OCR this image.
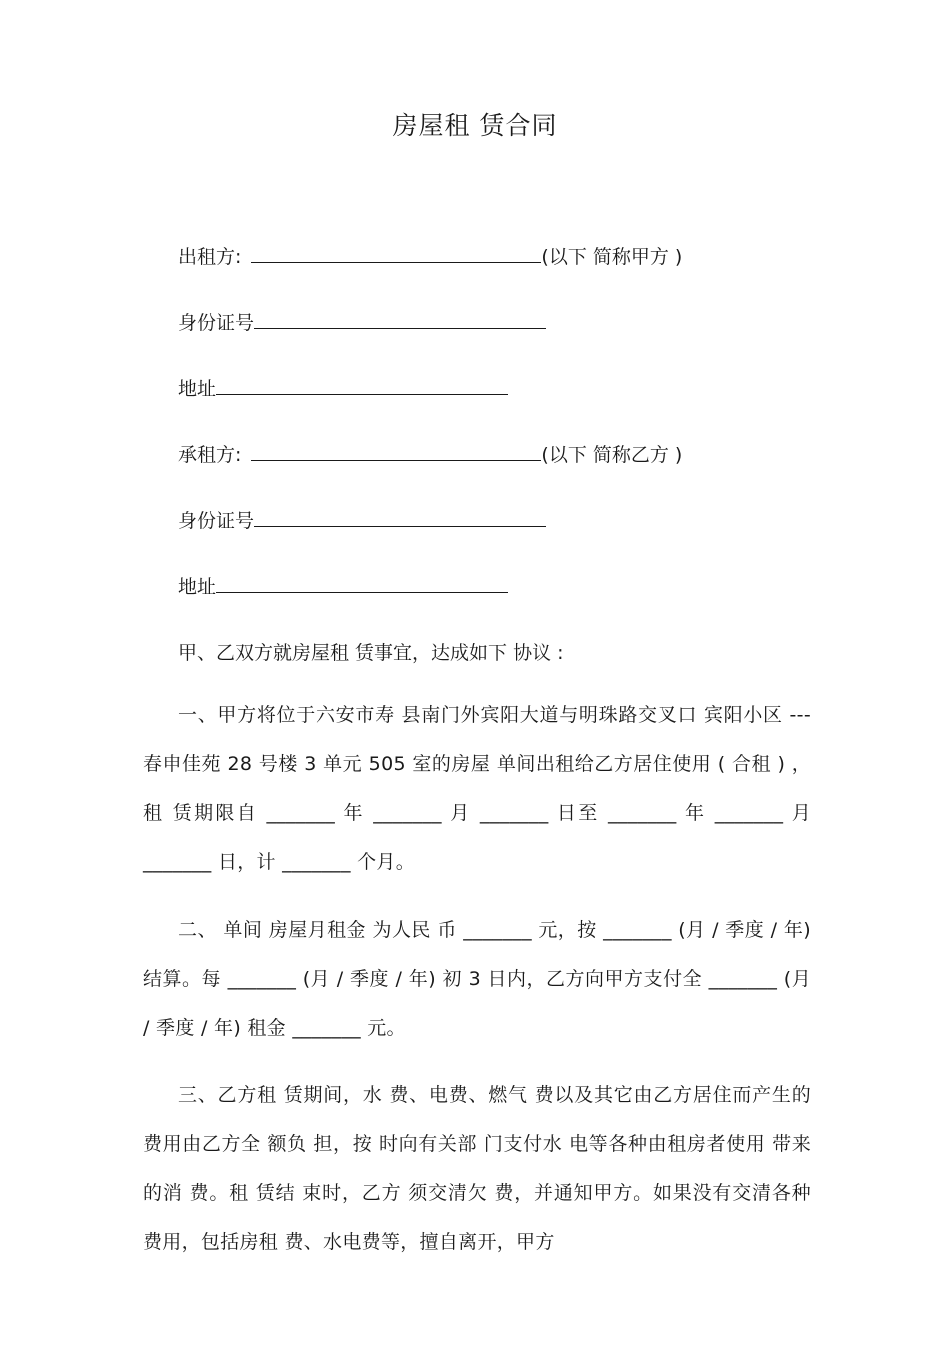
房屋租 赁合同
出租方:	(以下 简称甲方 )
身份证号
地址
承租方:	(以下 简称乙方 )
身份证号
地址
甲、乙双方就房屋租 赁事宜，达成如下 协议 :
一、甲方将位于六安市寿 县南门外宾阳大道与明珠路交叉口 宾阳小区 --- 春申佳苑 28 号楼 3 单元 505 室的房屋 单间出租给乙方居住使用 ( 合租 ) ，租 赁期限自 _______ 年 _______ 月 _______ 日至 _______ 年 _______ 月 _______ 日，计 _______ 个月。
二、 单间 房屋月租金 为人民 币 _______ 元，按 _______ (月 / 季度 / 年) 结算。每 _______ (月 / 季度 / 年) 初 3 日内，乙方向甲方支付全 _______ (月 / 季度 / 年) 租金 _______ 元。
三、乙方租 赁期间，水 费、电费、燃气 费以及其它由乙方居住而产生的 费用由乙方全 额负 担，按 时向有关部 门支付水 电等各种由租房者使用 带来的消 费。租 赁结 束时，乙方 须交清欠 费，并通知甲方。如果没有交清各种 费用，包括房租 费、水电费等，擅自离开，甲方
